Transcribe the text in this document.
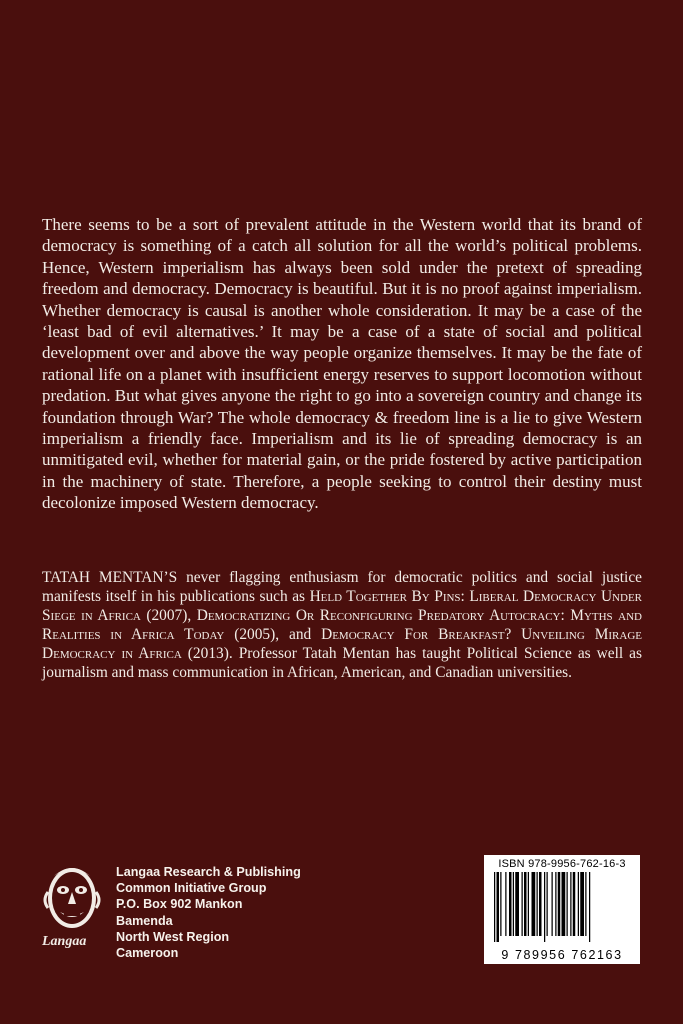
There seems to be a sort of prevalent attitude in the Western world that its brand of democracy is something of a catch all solution for all the world’s political problems. Hence, Western imperialism has always been sold under the pretext of spreading freedom and democracy. Democracy is beautiful. But it is no proof against imperialism. Whether democracy is causal is another whole consideration. It may be a case of the ‘least bad of evil alternatives.’ It may be a case of a state of social and political development over and above the way people organize themselves. It may be the fate of rational life on a planet with insufficient energy reserves to support locomotion without predation. But what gives anyone the right to go into a sovereign country and change its foundation through War? The whole democracy & freedom line is a lie to give Western imperialism a friendly face. Imperialism and its lie of spreading democracy is an unmitigated evil, whether for material gain, or the pride fostered by active participation in the machinery of state. Therefore, a people seeking to control their destiny must decolonize imposed Western democracy.

TATAH MENTAN’S never flagging enthusiasm for democratic politics and social justice manifests itself in his publications such as Held Together By Pins: Liberal Democracy Under Siege in Africa (2007), Democratizing Or Reconfiguring Predatory Autocracy: Myths and Realities in Africa Today (2005), and Democracy For Breakfast? Unveiling Mirage Democracy in Africa (2013). Professor Tatah Mentan has taught Political Science as well as journalism and mass communication in African, American, and Canadian universities.

Langaa
Langaa Research & Publishing
Common Initiative Group
P.O. Box 902 Mankon
Bamenda
North West Region
Cameroon
ISBN 978-9956-762-16-3
9 789956 762163
